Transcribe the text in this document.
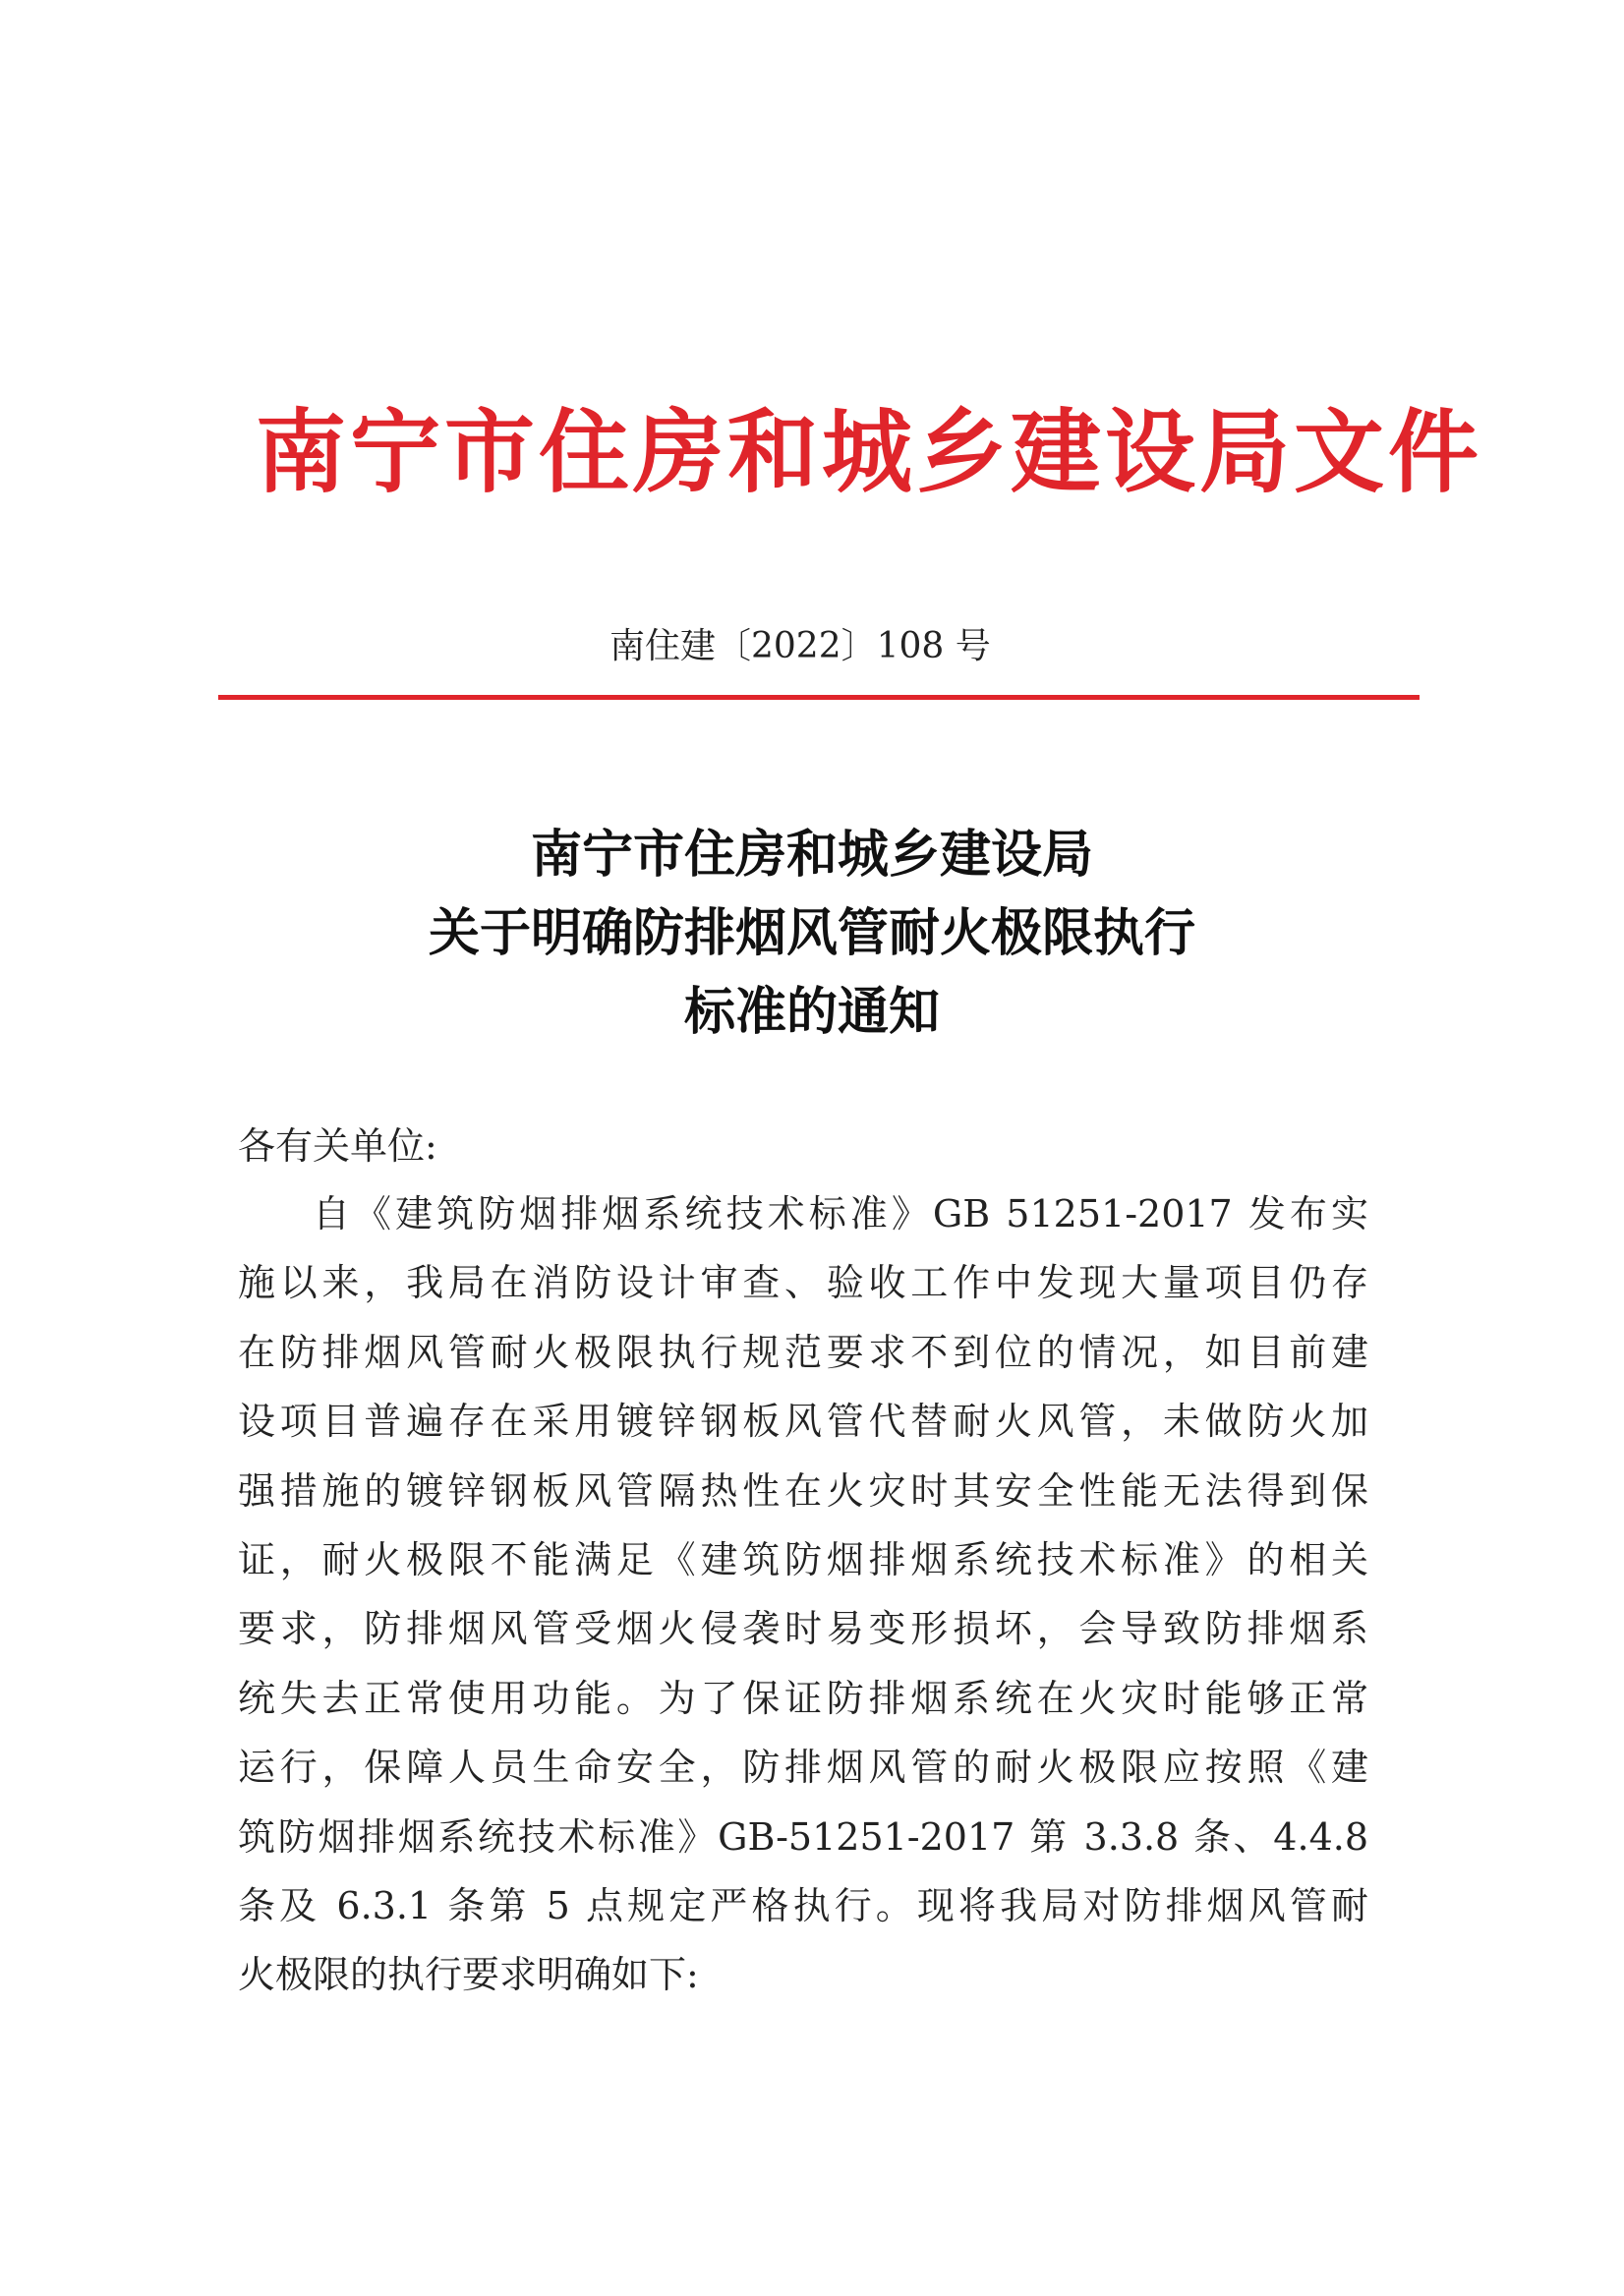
南宁市住房和城乡建设局文件
南住建〔2022〕108 号
南宁市住房和城乡建设局
关于明确防排烟风管耐火极限执行
标准的通知
各有关单位:
自《建筑防烟排烟系统技术标准》GB 51251-2017 发布实
施以来，我局在消防设计审查、验收工作中发现大量项目仍存
在防排烟风管耐火极限执行规范要求不到位的情况，如目前建
设项目普遍存在采用镀锌钢板风管代替耐火风管，未做防火加
强措施的镀锌钢板风管隔热性在火灾时其安全性能无法得到保
证，耐火极限不能满足《建筑防烟排烟系统技术标准》的相关
要求，防排烟风管受烟火侵袭时易变形损坏，会导致防排烟系
统失去正常使用功能。为了保证防排烟系统在火灾时能够正常
运行，保障人员生命安全，防排烟风管的耐火极限应按照《建
筑防烟排烟系统技术标准》GB-51251-2017 第 3.3.8 条、4.4.8
条及 6.3.1 条第 5 点规定严格执行。现将我局对防排烟风管耐
火极限的执行要求明确如下:
